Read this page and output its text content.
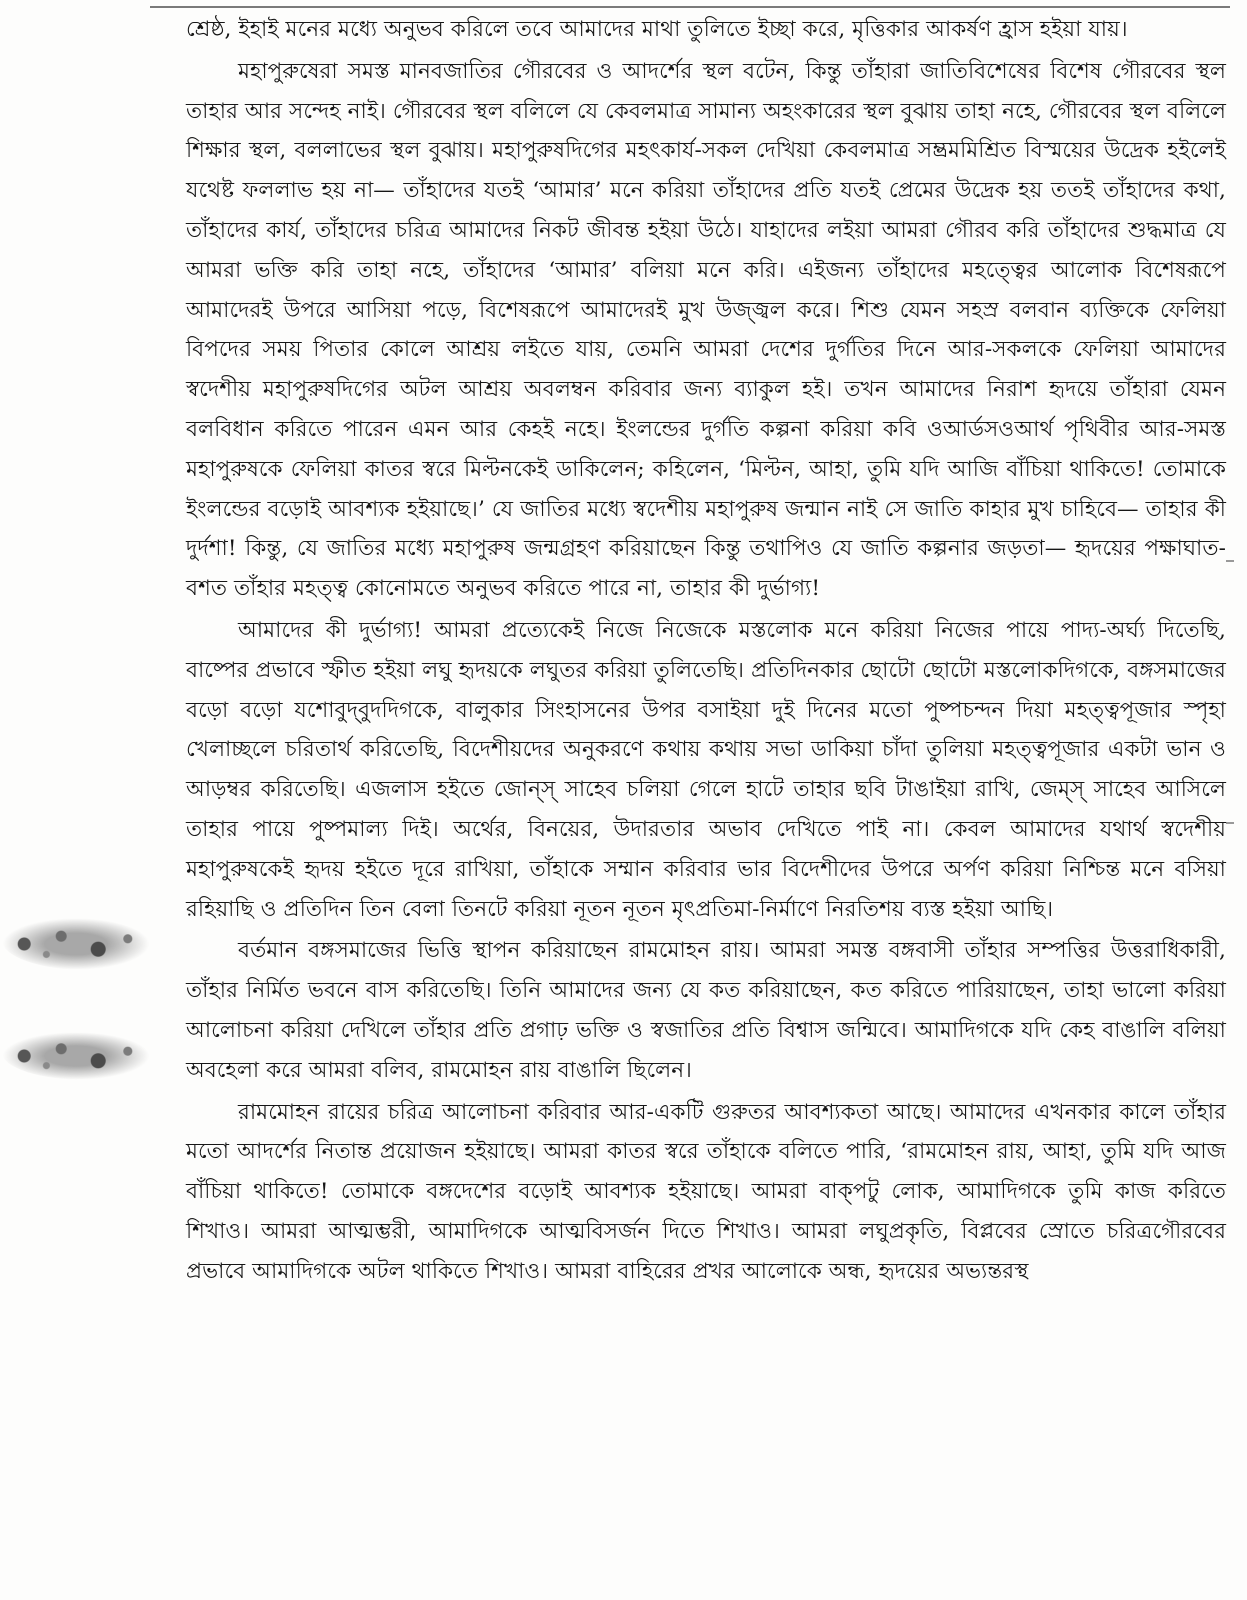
শ্রেষ্ঠ, ইহাই মনের মধ্যে অনুভব করিলে তবে আমাদের মাথা তুলিতে ইচ্ছা করে, মৃত্তিকার আকর্ষণ হ্রাস হইয়া যায়।

মহাপুরুষেরা সমস্ত মানবজাতির গৌরবের ও আদর্শের স্থল বটেন, কিন্তু তাঁহারা জাতিবিশেষের বিশেষ গৌরবের স্থল তাহার আর সন্দেহ নাই। গৌরবের স্থল বলিলে যে কেবলমাত্র সামান্য অহংকারের স্থল বুঝায় তাহা নহে, গৌরবের স্থল বলিলে শিক্ষার স্থল, বললাভের স্থল বুঝায়। মহাপুরুষদিগের মহৎকার্য-সকল দেখিয়া কেবলমাত্র সম্ভ্রমমিশ্রিত বিস্ময়ের উদ্রেক হইলেই যথেষ্ট ফললাভ হয় না— তাঁহাদের যতই ‘আমার’ মনে করিয়া তাঁহাদের প্রতি যতই প্রেমের উদ্রেক হয় ততই তাঁহাদের কথা, তাঁহাদের কার্য, তাঁহাদের চরিত্র আমাদের নিকট জীবন্ত হইয়া উঠে। যাহাদের লইয়া আমরা গৌরব করি তাঁহাদের শুদ্ধমাত্র যে আমরা ভক্তি করি তাহা নহে, তাঁহাদের ‘আমার’ বলিয়া মনে করি। এইজন্য তাঁহাদের মহত্ত্বের আলোক বিশেষরূপে আমাদেরই উপরে আসিয়া পড়ে, বিশেষরূপে আমাদেরই মুখ উজ্জ্বল করে। শিশু যেমন সহস্র বলবান ব্যক্তিকে ফেলিয়া বিপদের সময় পিতার কোলে আশ্রয় লইতে যায়, তেমনি আমরা দেশের দুর্গতির দিনে আর-সকলকে ফেলিয়া আমাদের স্বদেশীয় মহাপুরুষদিগের অটল আশ্রয় অবলম্বন করিবার জন্য ব্যাকুল হই। তখন আমাদের নিরাশ হৃদয়ে তাঁহারা যেমন বলবিধান করিতে পারেন এমন আর কেহই নহে। ইংলন্ডের দুর্গতি কল্পনা করিয়া কবি ওআর্ডসওআর্থ পৃথিবীর আর-সমস্ত মহাপুরুষকে ফেলিয়া কাতর স্বরে মিল্টনকেই ডাকিলেন; কহিলেন, ‘মিল্টন, আহা, তুমি যদি আজি বাঁচিয়া থাকিতে! তোমাকে ইংলন্ডের বড়োই আবশ্যক হইয়াছে।’ যে জাতির মধ্যে স্বদেশীয় মহাপুরুষ জন্মান নাই সে জাতি কাহার মুখ চাহিবে— তাহার কী দুর্দশা! কিন্তু, যে জাতির মধ্যে মহাপুরুষ জন্মগ্রহণ করিয়াছেন কিন্তু তথাপিও যে জাতি কল্পনার জড়তা— হৃদয়ের পক্ষাঘাত-বশত তাঁহার মহত্ত্ব কোনোমতে অনুভব করিতে পারে না, তাহার কী দুর্ভাগ্য!

আমাদের কী দুর্ভাগ্য! আমরা প্রত্যেকেই নিজে নিজেকে মস্তলোক মনে করিয়া নিজের পায়ে পাদ্য-অর্ঘ্য দিতেছি, বাষ্পের প্রভাবে স্ফীত হইয়া লঘু হৃদয়কে লঘুতর করিয়া তুলিতেছি। প্রতিদিনকার ছোটো ছোটো মস্তলোকদিগকে, বঙ্গসমাজের বড়ো বড়ো যশোবুদ্‌বুদদিগকে, বালুকার সিংহাসনের উপর বসাইয়া দুই দিনের মতো পুষ্পচন্দন দিয়া মহত্ত্বপূজার স্পৃহা খেলাচ্ছলে চরিতার্থ করিতেছি, বিদেশীয়দের অনুকরণে কথায় কথায় সভা ডাকিয়া চাঁদা তুলিয়া মহত্ত্বপূজার একটা ভান ও আড়ম্বর করিতেছি। এজলাস হইতে জোন্‌স্ সাহেব চলিয়া গেলে হাটে তাহার ছবি টাঙাইয়া রাখি, জেম্‌স্ সাহেব আসিলে তাহার পায়ে পুষ্পমাল্য দিই। অর্থের, বিনয়ের, উদারতার অভাব দেখিতে পাই না। কেবল আমাদের যথার্থ স্বদেশীয় মহাপুরুষকেই হৃদয় হইতে দূরে রাখিয়া, তাঁহাকে সম্মান করিবার ভার বিদেশীদের উপরে অর্পণ করিয়া নিশ্চিন্ত মনে বসিয়া রহিয়াছি ও প্রতিদিন তিন বেলা তিনটে করিয়া নূতন নূতন মৃৎপ্রতিমা-নির্মাণে নিরতিশয় ব্যস্ত হইয়া আছি।

বর্তমান বঙ্গসমাজের ভিত্তি স্থাপন করিয়াছেন রামমোহন রায়। আমরা সমস্ত বঙ্গবাসী তাঁহার সম্পত্তির উত্তরাধিকারী, তাঁহার নির্মিত ভবনে বাস করিতেছি। তিনি আমাদের জন্য যে কত করিয়াছেন, কত করিতে পারিয়াছেন, তাহা ভালো করিয়া আলোচনা করিয়া দেখিলে তাঁহার প্রতি প্রগাঢ় ভক্তি ও স্বজাতির প্রতি বিশ্বাস জন্মিবে। আমাদিগকে যদি কেহ বাঙালি বলিয়া অবহেলা করে আমরা বলিব, রামমোহন রায় বাঙালি ছিলেন।

রামমোহন রায়ের চরিত্র আলোচনা করিবার আর-একটি গুরুতর আবশ্যকতা আছে। আমাদের এখনকার কালে তাঁহার মতো আদর্শের নিতান্ত প্রয়োজন হইয়াছে। আমরা কাতর স্বরে তাঁহাকে বলিতে পারি, ‘রামমোহন রায়, আহা, তুমি যদি আজ বাঁচিয়া থাকিতে! তোমাকে বঙ্গদেশের বড়োই আবশ্যক হইয়াছে। আমরা বাক্‌পটু লোক, আমাদিগকে তুমি কাজ করিতে শিখাও। আমরা আত্মম্ভরী, আমাদিগকে আত্মবিসর্জন দিতে শিখাও। আমরা লঘুপ্রকৃতি, বিপ্লবের স্রোতে চরিত্রগৌরবের প্রভাবে আমাদিগকে অটল থাকিতে শিখাও। আমরা বাহিরের প্রখর আলোকে অন্ধ, হৃদয়ের অভ্যন্তরস্থ
